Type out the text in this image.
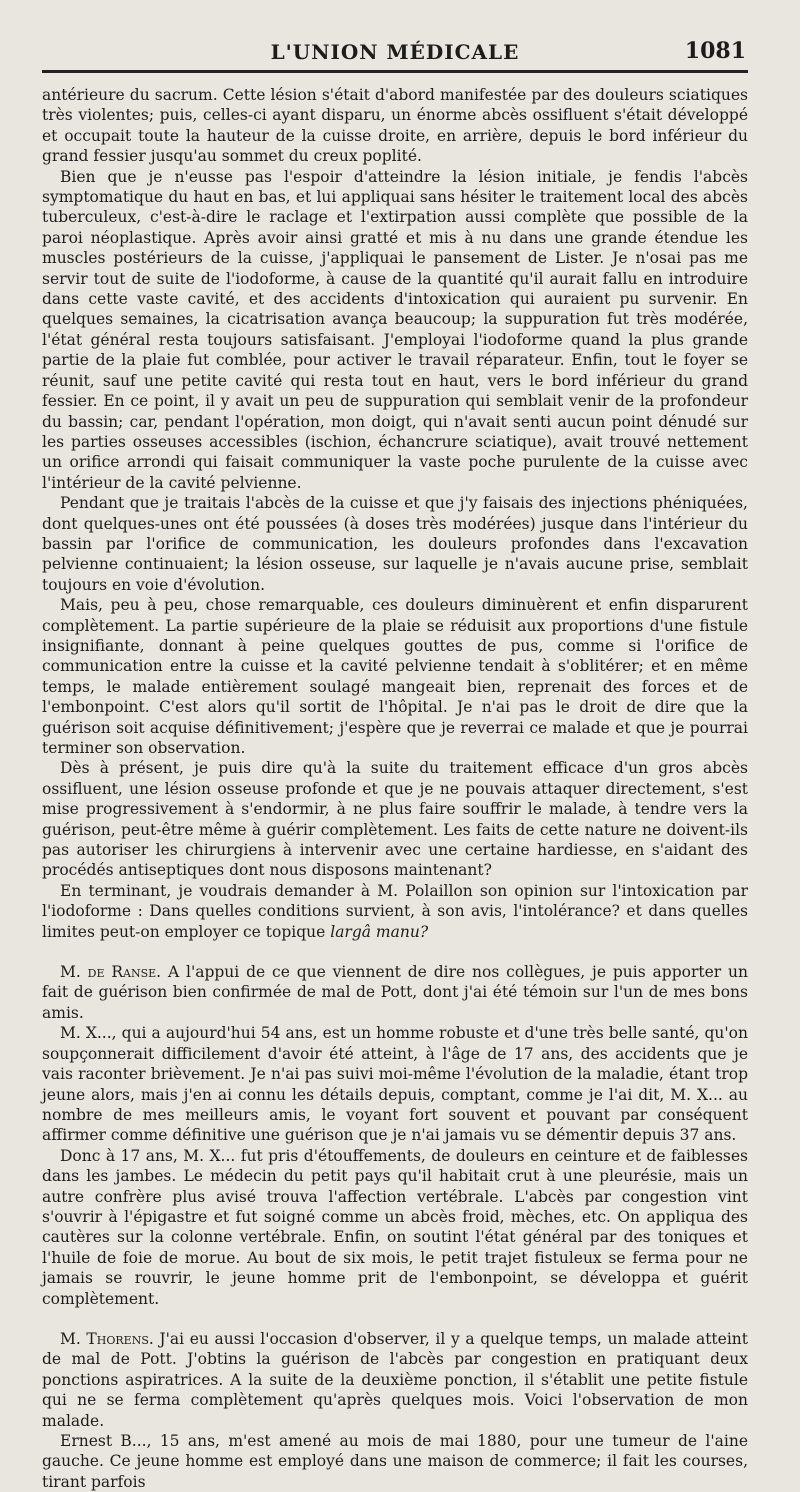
L'UNION MÉDICALE	1081

antérieure du sacrum. Cette lésion s'était d'abord manifestée par des douleurs sciatiques très violentes; puis, celles-ci ayant disparu, un énorme abcès ossifluent s'était développé et occupait toute la hauteur de la cuisse droite, en arrière, depuis le bord inférieur du grand fessier jusqu'au sommet du creux poplité.

Bien que je n'eusse pas l'espoir d'atteindre la lésion initiale, je fendis l'abcès symptomatique du haut en bas, et lui appliquai sans hésiter le traitement local des abcès tuberculeux, c'est-à-dire le raclage et l'extirpation aussi complète que possible de la paroi néoplastique. Après avoir ainsi gratté et mis à nu dans une grande étendue les muscles postérieurs de la cuisse, j'appliquai le pansement de Lister. Je n'osai pas me servir tout de suite de l'iodoforme, à cause de la quantité qu'il aurait fallu en introduire dans cette vaste cavité, et des accidents d'intoxication qui auraient pu survenir. En quelques semaines, la cicatrisation avança beaucoup; la suppuration fut très modérée, l'état général resta toujours satisfaisant. J'employai l'iodoforme quand la plus grande partie de la plaie fut comblée, pour activer le travail réparateur. Enfin, tout le foyer se réunit, sauf une petite cavité qui resta tout en haut, vers le bord inférieur du grand fessier. En ce point, il y avait un peu de suppuration qui semblait venir de la profondeur du bassin; car, pendant l'opération, mon doigt, qui n'avait senti aucun point dénudé sur les parties osseuses accessibles (ischion, échancrure sciatique), avait trouvé nettement un orifice arrondi qui faisait communiquer la vaste poche purulente de la cuisse avec l'intérieur de la cavité pelvienne.

Pendant que je traitais l'abcès de la cuisse et que j'y faisais des injections phéniquées, dont quelques-unes ont été poussées (à doses très modérées) jusque dans l'intérieur du bassin par l'orifice de communication, les douleurs profondes dans l'excavation pelvienne continuaient; la lésion osseuse, sur laquelle je n'avais aucune prise, semblait toujours en voie d'évolution.

Mais, peu à peu, chose remarquable, ces douleurs diminuèrent et enfin disparurent complètement. La partie supérieure de la plaie se réduisit aux proportions d'une fistule insignifiante, donnant à peine quelques gouttes de pus, comme si l'orifice de communication entre la cuisse et la cavité pelvienne tendait à s'oblitérer; et en même temps, le malade entièrement soulagé mangeait bien, reprenait des forces et de l'embonpoint. C'est alors qu'il sortit de l'hôpital. Je n'ai pas le droit de dire que la guérison soit acquise définitivement; j'espère que je reverrai ce malade et que je pourrai terminer son observation.

Dès à présent, je puis dire qu'à la suite du traitement efficace d'un gros abcès ossifluent, une lésion osseuse profonde et que je ne pouvais attaquer directement, s'est mise progressivement à s'endormir, à ne plus faire souffrir le malade, à tendre vers la guérison, peut-être même à guérir complètement. Les faits de cette nature ne doivent-ils pas autoriser les chirurgiens à intervenir avec une certaine hardiesse, en s'aidant des procédés antiseptiques dont nous disposons maintenant?

En terminant, je voudrais demander à M. Polaillon son opinion sur l'intoxication par l'iodoforme : Dans quelles conditions survient, à son avis, l'intolérance? et dans quelles limites peut-on employer ce topique largâ manu?

M. de Ranse. A l'appui de ce que viennent de dire nos collègues, je puis apporter un fait de guérison bien confirmée de mal de Pott, dont j'ai été témoin sur l'un de mes bons amis.

M. X..., qui a aujourd'hui 54 ans, est un homme robuste et d'une très belle santé, qu'on soupçonnerait difficilement d'avoir été atteint, à l'âge de 17 ans, des accidents que je vais raconter brièvement. Je n'ai pas suivi moi-même l'évolution de la maladie, étant trop jeune alors, mais j'en ai connu les détails depuis, comptant, comme je l'ai dit, M. X... au nombre de mes meilleurs amis, le voyant fort souvent et pouvant par conséquent affirmer comme définitive une guérison que je n'ai jamais vu se démentir depuis 37 ans.

Donc à 17 ans, M. X... fut pris d'étouffements, de douleurs en ceinture et de faiblesses dans les jambes. Le médecin du petit pays qu'il habitait crut à une pleurésie, mais un autre confrère plus avisé trouva l'affection vertébrale. L'abcès par congestion vint s'ouvrir à l'épigastre et fut soigné comme un abcès froid, mèches, etc. On appliqua des cautères sur la colonne vertébrale. Enfin, on soutint l'état général par des toniques et l'huile de foie de morue. Au bout de six mois, le petit trajet fistuleux se ferma pour ne jamais se rouvrir, le jeune homme prit de l'embonpoint, se développa et guérit complètement.

M. Thorens. J'ai eu aussi l'occasion d'observer, il y a quelque temps, un malade atteint de mal de Pott. J'obtins la guérison de l'abcès par congestion en pratiquant deux ponctions aspiratrices. A la suite de la deuxième ponction, il s'établit une petite fistule qui ne se ferma complètement qu'après quelques mois. Voici l'observation de mon malade.

Ernest B..., 15 ans, m'est amené au mois de mai 1880, pour une tumeur de l'aine gauche. Ce jeune homme est employé dans une maison de commerce; il fait les courses, tirant parfois
